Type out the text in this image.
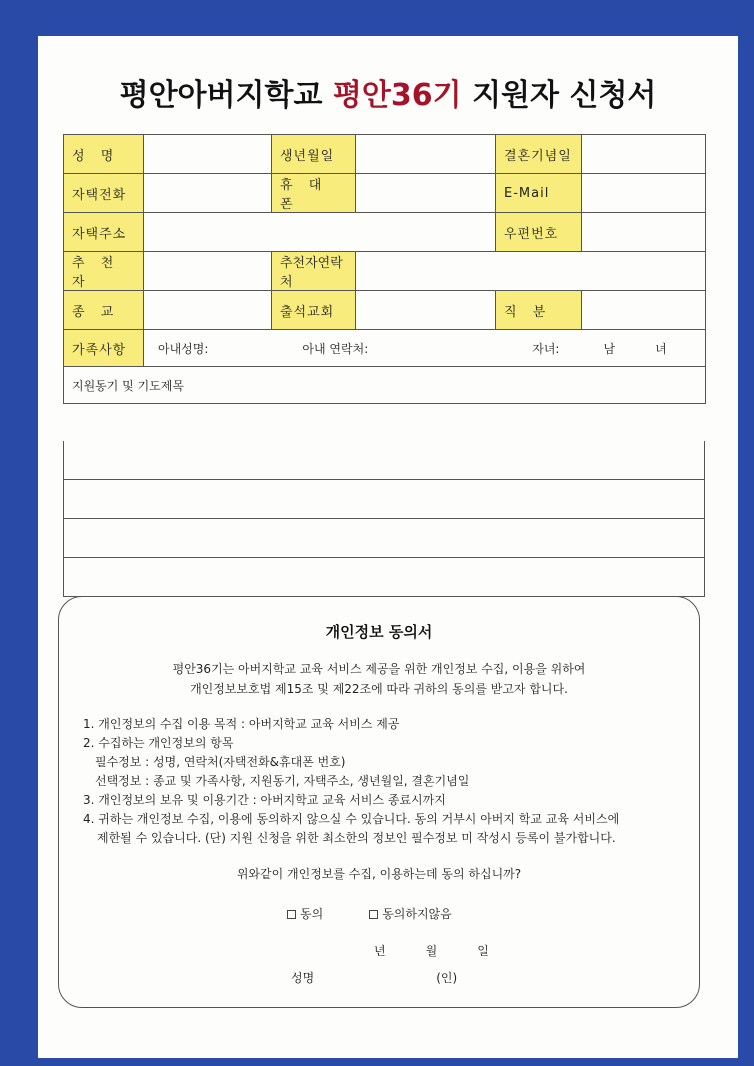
평안아버지학교 평안36기 지원자 신청서
성 명		생년월일		결혼기념일	
자택전화		휴 대 폰		E-Mail	
자택주소				우편번호	
추 천 자		추천자연락처			
종 교		출석교회		직 분	
가족사항	아내성명: 아내 연락처: 자녀: 남 녀				

지원동기 및 기도제목					
개인정보 동의서
평안36기는 아버지학교 교육 서비스 제공을 위한 개인정보 수집, 이용을 위하여
개인정보보호법 제15조 및 제22조에 따라 귀하의 동의를 받고자 합니다.
1. 개인정보의 수집 이용 목적 : 아버지학교 교육 서비스 제공
2. 수집하는 개인정보의 항목
필수정보 : 성명, 연락처(자택전화&휴대폰 번호)
선택정보 : 종교 및 가족사항, 지원동기, 자택주소, 생년월일, 결혼기념일
3. 개인정보의 보유 및 이용기간 : 아버지학교 교육 서비스 종료시까지
4. 귀하는 개인정보 수집, 이용에 동의하지 않으실 수 있습니다. 동의 거부시 아버지 학교 교육 서비스에
제한될 수 있습니다. (단) 지원 신청을 위한 최소한의 정보인 필수정보 미 작성시 등록이 불가합니다.
위와같이 개인정보를 수집, 이용하는데 동의 하십니까?
동의	동의하지않음
년	월	일
성명	(인)
